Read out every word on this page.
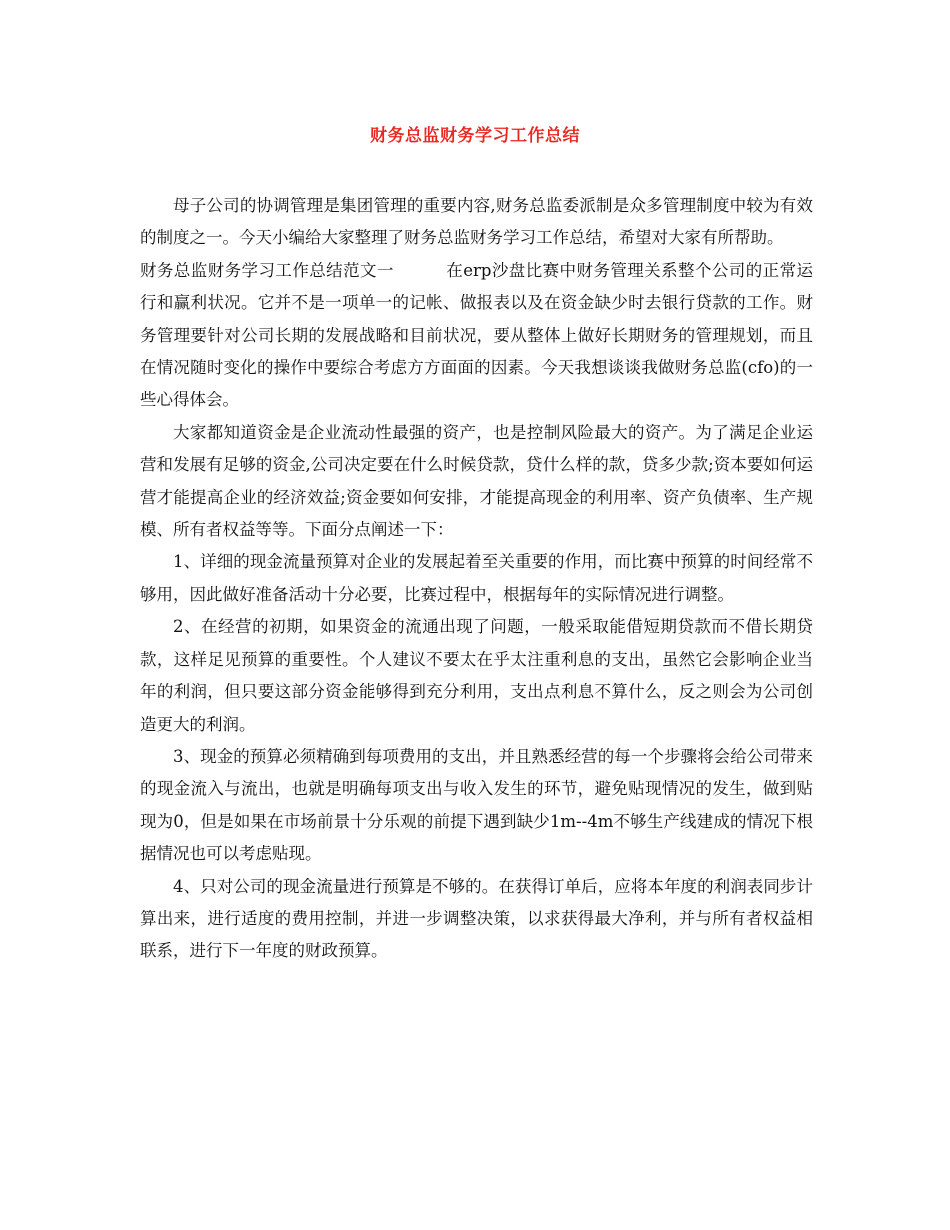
财务总监财务学习工作总结

母子公司的协调管理是集团管理的重要内容,财务总监委派制是众多管理制度中较为有效的制度之一。今天小编给大家整理了财务总监财务学习工作总结，希望对大家有所帮助。

财务总监财务学习工作总结范文一	在erp沙盘比赛中财务管理关系整个公司的正常运行和赢利状况。它并不是一项单一的记帐、做报表以及在资金缺少时去银行贷款的工作。财务管理要针对公司长期的发展战略和目前状况，要从整体上做好长期财务的管理规划，而且在情况随时变化的操作中要综合考虑方方面面的因素。今天我想谈谈我做财务总监(cfo)的一些心得体会。

大家都知道资金是企业流动性最强的资产，也是控制风险最大的资产。为了满足企业运营和发展有足够的资金,公司决定要在什么时候贷款，贷什么样的款，贷多少款;资本要如何运营才能提高企业的经济效益;资金要如何安排，才能提高现金的利用率、资产负债率、生产规模、所有者权益等等。下面分点阐述一下：

1、详细的现金流量预算对企业的发展起着至关重要的作用，而比赛中预算的时间经常不够用，因此做好准备活动十分必要，比赛过程中，根据每年的实际情况进行调整。

2、在经营的初期，如果资金的流通出现了问题，一般采取能借短期贷款而不借长期贷款，这样足见预算的重要性。个人建议不要太在乎太注重利息的支出，虽然它会影响企业当年的利润，但只要这部分资金能够得到充分利用，支出点利息不算什么，反之则会为公司创造更大的利润。

3、现金的预算必须精确到每项费用的支出，并且熟悉经营的每一个步骤将会给公司带来的现金流入与流出，也就是明确每项支出与收入发生的环节，避免贴现情况的发生，做到贴现为0，但是如果在市场前景十分乐观的前提下遇到缺少1m--4m不够生产线建成的情况下根据情况也可以考虑贴现。

4、只对公司的现金流量进行预算是不够的。在获得订单后，应将本年度的利润表同步计算出来，进行适度的费用控制，并进一步调整决策，以求获得最大净利，并与所有者权益相联系，进行下一年度的财政预算。
